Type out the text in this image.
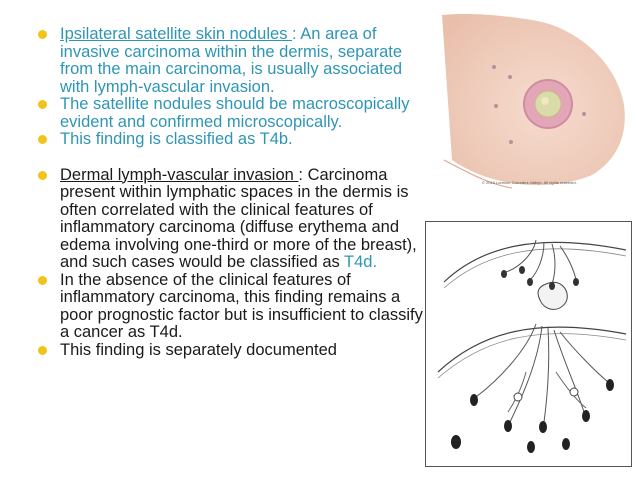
Ipsilateral satellite skin nodules : An area of invasive carcinoma within the dermis, separate from the main carcinoma, is usually associated with lymph-vascular invasion.
The satellite nodules should be macroscopically evident and confirmed microscopically.
This finding is classified as T4b.
Dermal lymph-vascular invasion : Carcinoma present within lymphatic spaces in the dermis is often correlated with the clinical features of inflammatory carcinoma (diffuse erythema and edema involving one-third or more of the breast), and such cases would be classified as T4d.
In the absence of the clinical features of inflammatory carcinoma, this finding remains a poor prognostic factor but is insufficient to classify a cancer as T4d.
This finding is separately documented
© 2010 Lorenzo Gonzalez-Vallejo. All rights reserved.
